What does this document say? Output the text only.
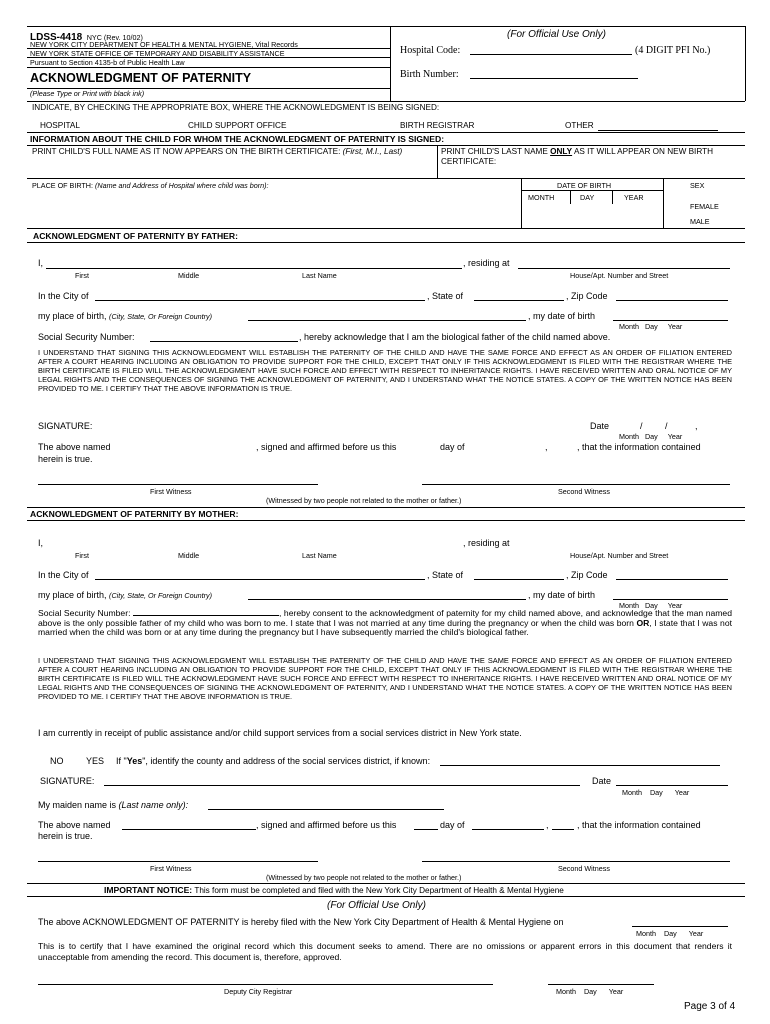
LDSS-4418 NYC (Rev. 10/02)
NEW YORK CITY DEPARTMENT OF HEALTH & MENTAL HYGIENE, Vital Records
NEW YORK STATE OFFICE OF TEMPORARY AND DISABILITY ASSISTANCE
Pursuant to Section 4135-b of Public Health Law
ACKNOWLEDGMENT OF PATERNITY
(Please Type or Print with black ink)
(For Official Use Only)
Hospital Code:	(4 DIGIT PFI No.)
Birth Number:
INDICATE, BY CHECKING THE APPROPRIATE BOX, WHERE THE ACKNOWLEDGMENT IS BEING SIGNED:
HOSPITAL	CHILD SUPPORT OFFICE	BIRTH REGISTRAR	OTHER
INFORMATION ABOUT THE CHILD FOR WHOM THE ACKNOWLEDGMENT OF PATERNITY IS SIGNED:
PRINT CHILD'S FULL NAME AS IT NOW APPEARS ON THE BIRTH CERTIFICATE: (First, M.I., Last)	PRINT CHILD'S LAST NAME ONLY AS IT WILL APPEAR ON NEW BIRTH
CERTIFICATE:
PLACE OF BIRTH: (Name and Address of Hospital where child was born):	DATE OF BIRTH
MONTH	DAY	YEAR
SEX
FEMALE
MALE
ACKNOWLEDGMENT OF PATERNITY BY FATHER:
I,	, residing at
First	Middle	Last Name	House/Apt. Number and Street
In the City of	, State of	, Zip Code
my place of birth, (City, State, Or Foreign Country)	, my date of birth
Month Day Year
Social Security Number:	, hereby acknowledge that I am the biological father of the child named above.
I UNDERSTAND THAT SIGNING THIS ACKNOWLEDGMENT WILL ESTABLISH THE PATERNITY OF THE CHILD AND HAVE THE SAME FORCE AND EFFECT AS AN ORDER OF FILIATION ENTERED AFTER A COURT HEARING INCLUDING AN OBLIGATION TO PROVIDE SUPPORT FOR THE CHILD, EXCEPT THAT ONLY IF THIS ACKNOWLEDGMENT IS FILED WITH THE REGISTRAR WHERE THE BIRTH CERTIFICATE IS FILED WILL THE ACKNOWLEDGMENT HAVE SUCH FORCE AND EFFECT WITH RESPECT TO INHERITANCE RIGHTS. I HAVE RECEIVED WRITTEN AND ORAL NOTICE OF MY LEGAL RIGHTS AND THE CONSEQUENCES OF SIGNING THE ACKNOWLEDGMENT OF PATERNITY, AND I UNDERSTAND WHAT THE NOTICE STATES. A COPY OF THE WRITTEN NOTICE HAS BEEN PROVIDED TO ME. I CERTIFY THAT THE ABOVE INFORMATION IS TRUE.
SIGNATURE:	Date	/         /           ,
Month Day Year
The above named	, signed and affirmed before us this	day of	,	, that the information contained
herein is true.
First Witness	Second Witness
(Witnessed by two people not related to the mother or father.)
ACKNOWLEDGMENT OF PATERNITY BY MOTHER:
I,	, residing at
First	Middle	Last Name	House/Apt. Number and Street
In the City of	, State of	, Zip Code
my place of birth, (City, State, Or Foreign Country)	, my date of birth
Month Day Year
Social Security Number:	, hereby consent to the acknowledgment of paternity for my child named above, and acknowledge that the man named above is the only possible father of my child who was born to me. I state that I was not married at any time during the pregnancy or when the child was born OR, I state that I was not married when the child was born or at any time during the pregnancy but I have subsequently married the child's biological father.
I UNDERSTAND THAT SIGNING THIS ACKNOWLEDGMENT WILL ESTABLISH THE PATERNITY OF THE CHILD AND HAVE THE SAME FORCE AND EFFECT AS AN ORDER OF FILIATION ENTERED AFTER A COURT HEARING INCLUDING AN OBLIGATION TO PROVIDE SUPPORT FOR THE CHILD, EXCEPT THAT ONLY IF THIS ACKNOWLEDGMENT IS FILED WITH THE REGISTRAR WHERE THE BIRTH CERTIFICATE IS FILED WILL THE ACKNOWLEDGMENT HAVE SUCH FORCE AND EFFECT WITH RESPECT TO INHERITANCE RIGHTS. I HAVE RECEIVED WRITTEN AND ORAL NOTICE OF MY LEGAL RIGHTS AND THE CONSEQUENCES OF SIGNING THE ACKNOWLEDGMENT OF PATERNITY, AND I UNDERSTAND WHAT THE NOTICE STATES. A COPY OF THE WRITTEN NOTICE HAS BEEN PROVIDED TO ME. I CERTIFY THAT THE ABOVE INFORMATION IS TRUE.
I am currently in receipt of public assistance and/or child support services from a social services district in New York state.
NO	YES If "Yes", identify the county and address of the social services district, if known:
SIGNATURE:	Date
Month Day Year
My maiden name is (Last name only):
The above named	, signed and affirmed before us this	day of	,	, that the information contained
herein is true.
First Witness	Second Witness
(Witnessed by two people not related to the mother or father.)
IMPORTANT NOTICE: This form must be completed and filed with the New York City Department of Health & Mental Hygiene
(For Official Use Only)
The above ACKNOWLEDGMENT OF PATERNITY is hereby filed with the New York City Department of Health & Mental Hygiene on
Month Day Year
This is to certify that I have examined the original record which this document seeks to amend. There are no omissions or apparent errors in this document that renders it unacceptable from amending the record. This document is, therefore, approved.
Deputy City Registrar	Month Day Year
Page 3 of 4
